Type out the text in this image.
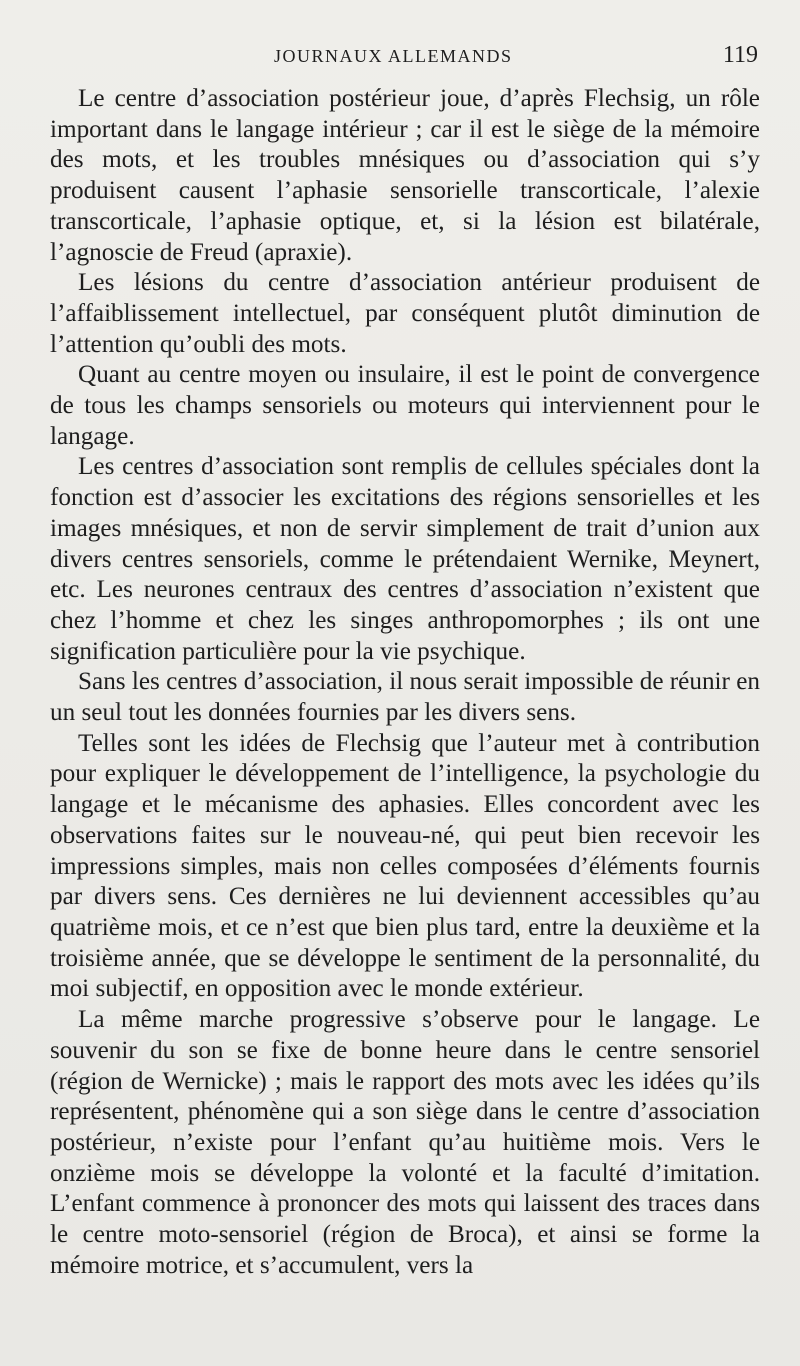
JOURNAUX ALLEMANDS	119

Le centre d’association postérieur joue, d’après Flechsig, un rôle important dans le langage intérieur ; car il est le siège de la mémoire des mots, et les troubles mnésiques ou d’association qui s’y produisent causent l’aphasie sensorielle transcorticale, l’alexie transcorticale, l’aphasie optique, et, si la lésion est bilatérale, l’agnoscie de Freud (apraxie).

Les lésions du centre d’association antérieur produisent de l’affaiblissement intellectuel, par conséquent plutôt diminution de l’attention qu’oubli des mots.

Quant au centre moyen ou insulaire, il est le point de convergence de tous les champs sensoriels ou moteurs qui interviennent pour le langage.

Les centres d’association sont remplis de cellules spéciales dont la fonction est d’associer les excitations des régions sensorielles et les images mnésiques, et non de servir simplement de trait d’union aux divers centres sensoriels, comme le prétendaient Wernike, Meynert, etc. Les neurones centraux des centres d’association n’existent que chez l’homme et chez les singes anthropomorphes ; ils ont une signification particulière pour la vie psychique.

Sans les centres d’association, il nous serait impossible de réunir en un seul tout les données fournies par les divers sens.

Telles sont les idées de Flechsig que l’auteur met à contribution pour expliquer le développement de l’intelligence, la psychologie du langage et le mécanisme des aphasies. Elles concordent avec les observations faites sur le nouveau-né, qui peut bien recevoir les impressions simples, mais non celles composées d’éléments fournis par divers sens. Ces dernières ne lui deviennent accessibles qu’au quatrième mois, et ce n’est que bien plus tard, entre la deuxième et la troisième année, que se développe le sentiment de la personnalité, du moi subjectif, en opposition avec le monde extérieur.

La même marche progressive s’observe pour le langage. Le souvenir du son se fixe de bonne heure dans le centre sensoriel (région de Wernicke) ; mais le rapport des mots avec les idées qu’ils représentent, phénomène qui a son siège dans le centre d’association postérieur, n’existe pour l’enfant qu’au huitième mois. Vers le onzième mois se développe la volonté et la faculté d’imitation. L’enfant commence à prononcer des mots qui laissent des traces dans le centre moto-sensoriel (région de Broca), et ainsi se forme la mémoire motrice, et s’accumulent, vers la
